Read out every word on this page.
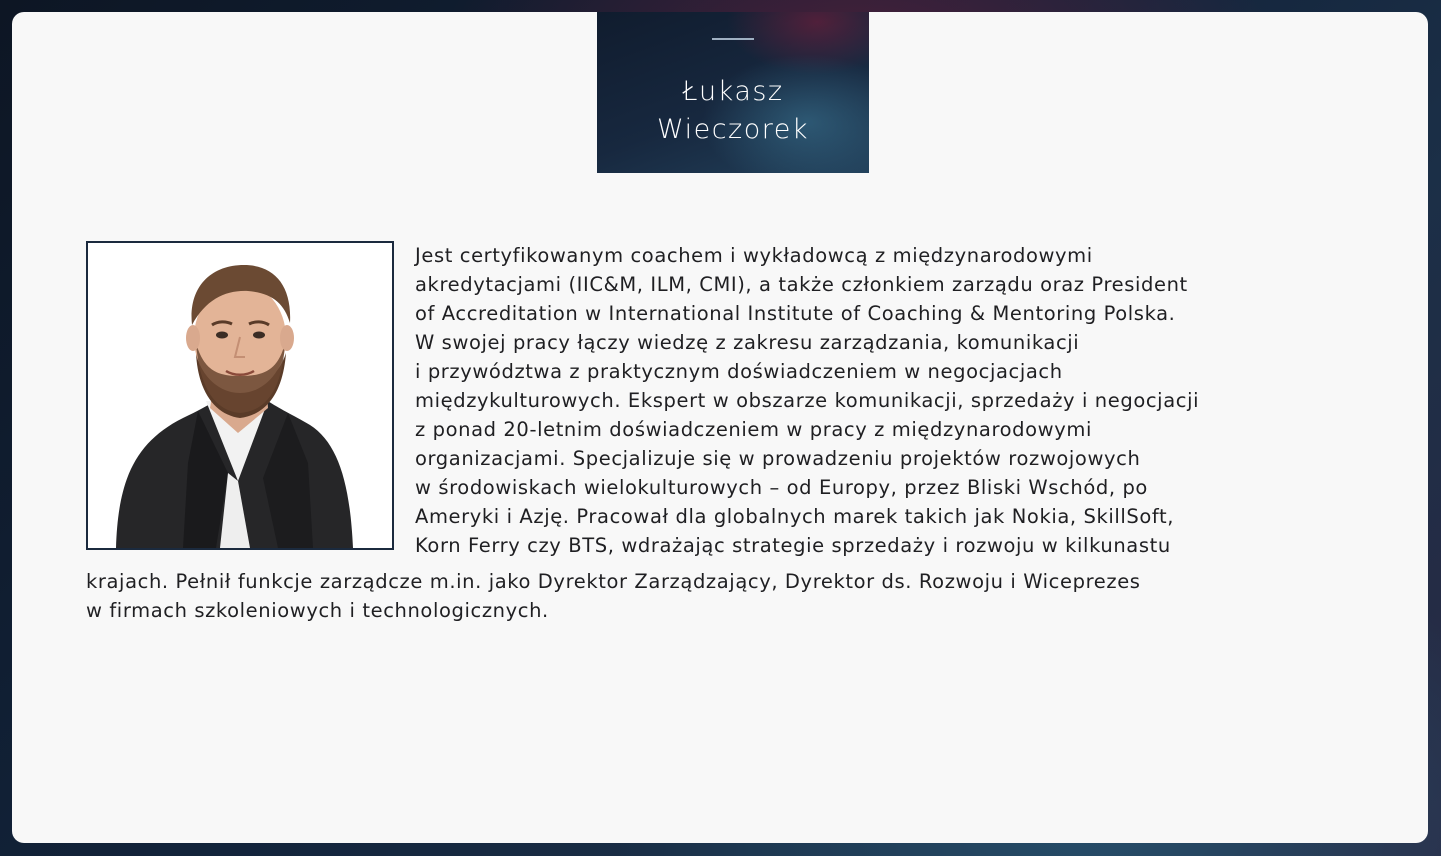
Łukasz
Wieczorek

Jest certyfikowanym coachem i wykładowcą z międzynarodowymi
akredytacjami (IIC&M, ILM, CMI), a także członkiem zarządu oraz President
of Accreditation w International Institute of Coaching & Mentoring Polska.
W swojej pracy łączy wiedzę z zakresu zarządzania, komunikacji
i przywództwa z praktycznym doświadczeniem w negocjacjach
międzykulturowych. Ekspert w obszarze komunikacji, sprzedaży i negocjacji
z ponad 20-letnim doświadczeniem w pracy z międzynarodowymi
organizacjami. Specjalizuje się w prowadzeniu projektów rozwojowych
w środowiskach wielokulturowych – od Europy, przez Bliski Wschód, po
Ameryki i Azję. Pracował dla globalnych marek takich jak Nokia, SkillSoft,
Korn Ferry czy BTS, wdrażając strategie sprzedaży i rozwoju w kilkunastu
krajach. Pełnił funkcje zarządcze m.in. jako Dyrektor Zarządzający, Dyrektor ds. Rozwoju i Wiceprezes
w firmach szkoleniowych i technologicznych.
